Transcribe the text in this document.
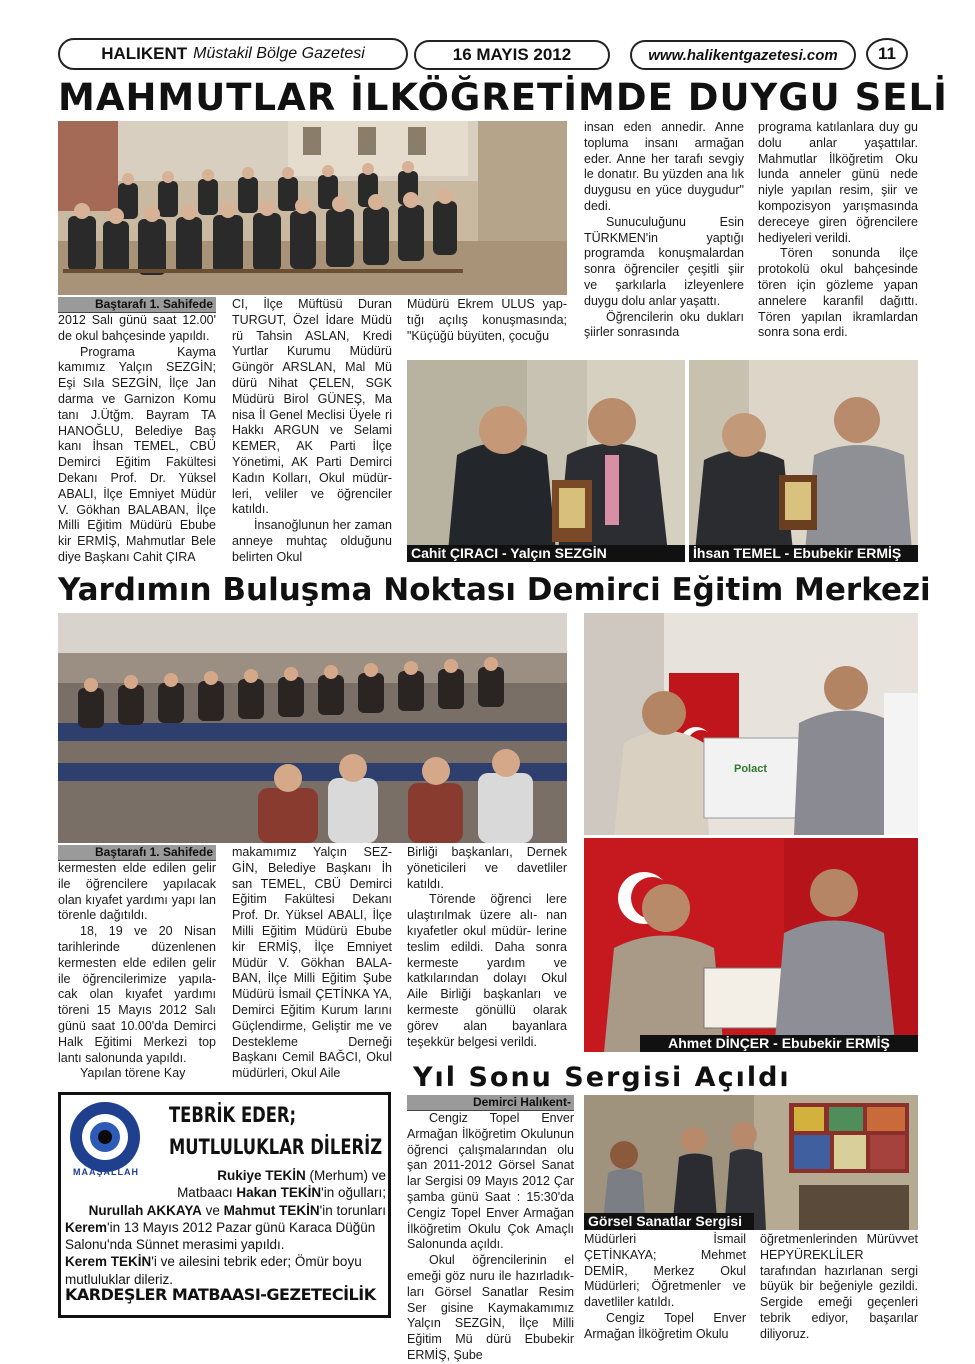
HALIKENT Müstakil Bölge Gazetesi	16 MAYIS 2012	www.halikentgazetesi.com 11
MAHMUTLAR İLKÖĞRETİMDE DUYGU SELİ
Baştarafı 1. Sahifede

2012 Salı günü saat 12.00' de okul bahçesinde yapıldı.

Programa Kayma kamımız Yalçın SEZGİN; Eşi Sıla SEZGİN, İlçe Jan darma ve Garnizon Komu tanı J.Ütğm. Bayram TA HANOĞLU, Belediye Baş kanı İhsan TEMEL, CBÜ Demirci Eğitim Fakültesi Dekanı Prof. Dr. Yüksel ABALI, İlçe Emniyet Müdür V. Gökhan BALABAN, İlçe Milli Eğitim Müdürü Ebube kir ERMİŞ, Mahmutlar Bele diye Başkanı Cahit ÇIRA

CI, İlçe Müftüsü Duran TURGUT, Özel İdare Müdü rü Tahsin ASLAN, Kredi Yurtlar Kurumu Müdürü Güngör ARSLAN, Mal Mü dürü Nihat ÇELEN, SGK Müdürü Birol GÜNEŞ, Ma nisa İl Genel Meclisi Üyele ri Hakkı ARGUN ve Selami KEMER, AK Parti İlçe Yönetimi, AK Parti Demirci Kadın Kolları, Okul müdür- leri, veliler ve öğrenciler katıldı.

İnsanoğlunun her zaman anneye muhtaç olduğunu belirten Okul

Müdürü Ekrem ULUS yap- tığı açılış konuşmasında; "Küçüğü büyüten, çocuğu

insan eden annedir. Anne topluma insanı armağan eder. Anne her tarafı sevgiy le donatır. Bu yüzden ana lık duygusu en yüce duygudur" dedi.

Sunuculuğunu Esin TÜRKMEN'in yaptığı programda konuşmalardan sonra öğrenciler çeşitli şiir ve şarkılarla izleyenlere duygu dolu anlar yaşattı.

Öğrencilerin oku dukları şiirler sonrasında

programa katılanlara duy gu dolu anlar yaşattılar. Mahmutlar İlköğretim Oku lunda anneler günü nede niyle yapılan resim, şiir ve kompozisyon yarışmasında dereceye giren öğrencilere hediyeleri verildi.

Tören sonunda ilçe protokolü okul bahçesinde tören için gözleme yapan annelere karanfil dağıttı. Tören yapılan ikramlardan sonra sona erdi.

Cahit ÇIRACI - Yalçın SEZGİN	İhsan TEMEL - Ebubekir ERMİŞ
Yardımın Buluşma Noktası Demirci Eğitim Merkezi
Polact
Ahmet DİNÇER - Ebubekir ERMİŞ
Baştarafı 1. Sahifede

kermesten elde edilen gelir ile öğrencilere yapılacak olan kıyafet yardımı yapı lan törenle dağıtıldı.

18, 19 ve 20 Nisan tarihlerinde düzenlenen kermesten elde edilen gelir ile öğrencilerimize yapıla- cak olan kıyafet yardımı töreni 15 Mayıs 2012 Salı günü saat 10.00'da Demirci Halk Eğitimi Merkezi top lantı salonunda yapıldı.

Yapılan törene Kay

makamımız Yalçın SEZ- GİN, Belediye Başkanı İh san TEMEL, CBÜ Demirci Eğitim Fakültesi Dekanı Prof. Dr. Yüksel ABALI, İlçe Milli Eğitim Müdürü Ebube kir ERMİŞ, İlçe Emniyet Müdür V. Gökhan BALA- BAN, İlçe Milli Eğitim Şube Müdürü İsmail ÇETİNKA YA, Demirci Eğitim Kurum larını Güçlendirme, Geliştir me ve Destekleme Derneği Başkanı Cemil BAĞCI, Okul müdürleri, Okul Aile

Birliği başkanları, Dernek yöneticileri ve davetliler katıldı.

Törende öğrenci lere ulaştırılmak üzere alı- nan kıyafetler okul müdür- lerine teslim edildi. Daha sonra kermeste yardım ve katkılarından dolayı Okul Aile Birliği başkanları ve kermeste gönüllü olarak görev alan bayanlara teşekkür belgesi verildi.

MAAŞALLAH
TEBRİK EDER;
MUTLULUKLAR DİLERİZ
Rukiye TEKİN (Merhum) ve
Matbaacı Hakan TEKİN'in oğulları;
Nurullah AKKAYA ve Mahmut TEKİN'in torunları
Kerem'in 13 Mayıs 2012 Pazar günü Karaca Düğün Salonu'nda Sünnet merasimi yapıldı.
Kerem TEKİN'i ve ailesini tebrik eder; Ömür boyu mutluluklar dileriz.
KARDEŞLER MATBAASI-GEZETECİLİK
Yıl Sonu Sergisi Açıldı
Demirci Halıkent-

Cengiz Topel Enver Armağan İlköğretim Okulunun öğrenci çalışmalarından olu şan 2011-2012 Görsel Sanat lar Sergisi 09 Mayıs 2012 Çar şamba günü Saat : 15:30'da Cengiz Topel Enver Armağan İlköğretim Okulu Çok Amaçlı Salonunda açıldı.

Okul öğrencilerinin el emeği göz nuru ile hazırladık- ları Görsel Sanatlar Resim Ser gisine Kaymakamımız Yalçın SEZGİN, İlçe Milli Eğitim Mü dürü Ebubekir ERMİŞ, Şube

Görsel Sanatlar Sergisi

Müdürleri İsmail ÇETİNKAYA; Mehmet DEMİR, Merkez Okul Müdürleri; Öğretmenler ve davetliler katıldı.

Cengiz Topel Enver Armağan İlköğretim Okulu

öğretmenlerinden Mürüvvet HEPYÜREKLİLER tarafından hazırlanan sergi büyük bir beğeniyle gezildi. Sergide emeği geçenleri tebrik ediyor, başarılar diliyoruz.
